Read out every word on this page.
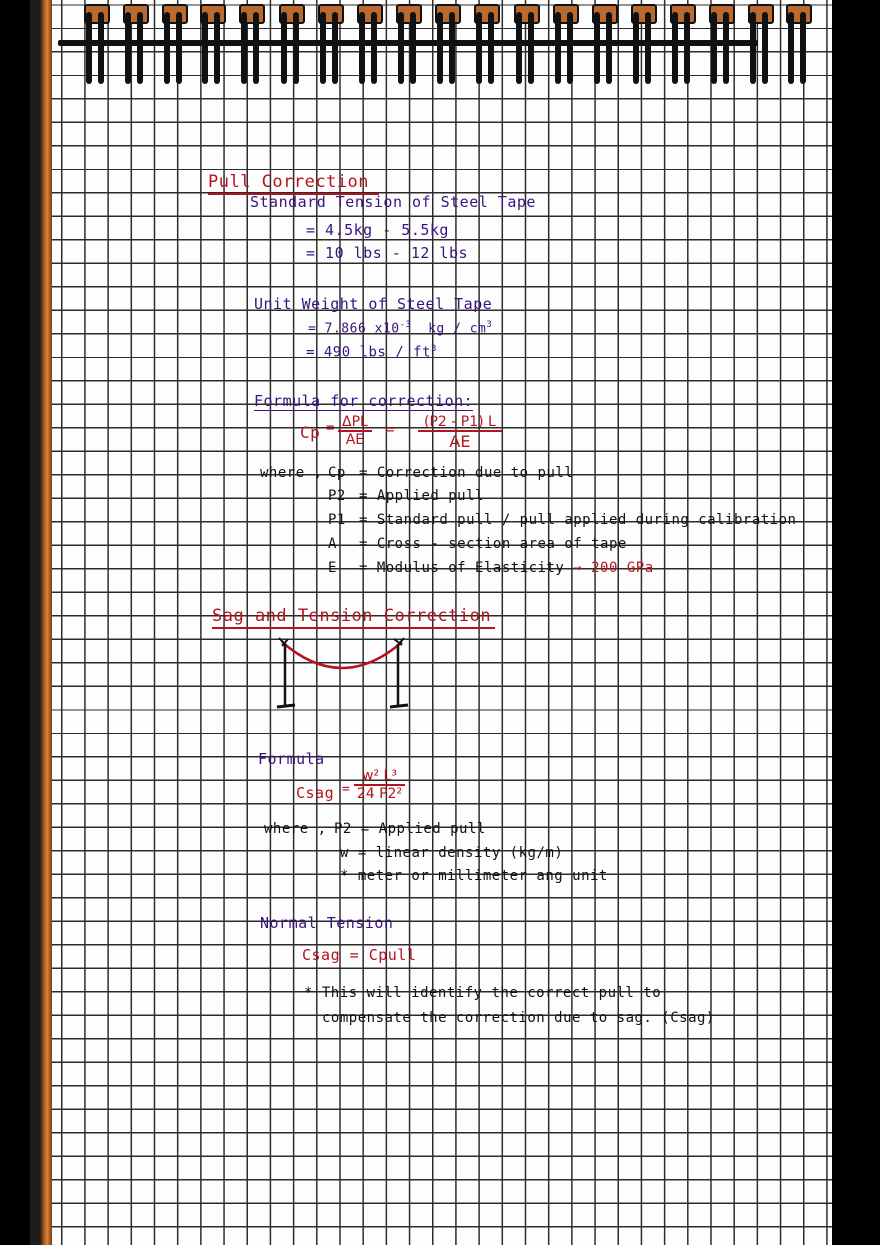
Pull Correction
Standard Tension of Steel Tape
= 4.5kg - 5.5kg
= 10 lbs - 12 lbs
Unit Weight of Steel Tape
= 7.866 $x10^{-3}$ kg / $cm^3$
= 490 lbs / $ft^3$
Formula for correction:
Cp = ΔPL
AE
= $\frac{(P2 - P1) L}{AE}$
where , Cp = Correction due to pull
P2 = Applied pull
P1 = Standard pull / pull applied during calibration
A = Cross - section area of tape
E = Modulus of Elasticity → 200 GPa
Sag and Tension Correction
Formula
Csag = $\frac{\text{w² L³}}{\text{24 P2²}}$
where , P2 = Applied pull
w = linear density (kg/m)
* meter or millimeter ang unit
Normal Tension
Csag = Cpull
* This will identify the correct pull to
compensate the correction due to sag. (Csag)
